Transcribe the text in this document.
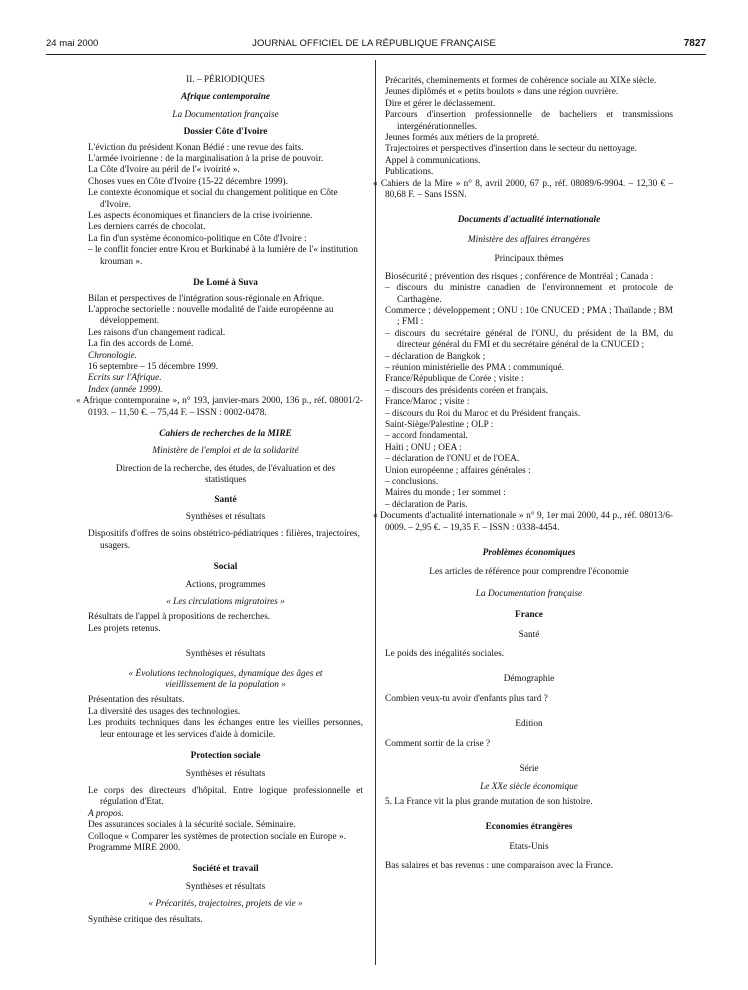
24 mai 2000	JOURNAL OFFICIEL DE LA RÉPUBLIQUE FRANÇAISE	7827

II. – PÉRIODIQUES

Afrique contemporaine

La Documentation française

Dossier Côte d'Ivoire

L'éviction du président Konan Bédié : une revue des faits.

L'armée ivoirienne : de la marginalisation à la prise de pouvoir.

La Côte d'Ivoire au péril de l'« ivoirité ».

Choses vues en Côte d'Ivoire (15-22 décembre 1999).

Le contexte économique et social du changement politique en Côte d'Ivoire.

Les aspects économiques et financiers de la crise ivoirienne.

Les derniers carrés de chocolat.

La fin d'un système économico-politique en Côte d'Ivoire :

– le conflit foncier entre Krou et Burkinabé à la lumière de l'« institution krouman ».

De Lomé à Suva

Bilan et perspectives de l'intégration sous-régionale en Afrique.

L'approche sectorielle : nouvelle modalité de l'aide européenne au développement.

Les raisons d'un changement radical.

La fin des accords de Lomé.

Chronologie.

16 septembre – 15 décembre 1999.

Ecrits sur l'Afrique.

Index (année 1999).

« Afrique contemporaine », n° 193, janvier-mars 2000, 136 p., réf. 08001/2-0193. – 11,50 €. – 75,44 F. – ISSN : 0002-0478.

Cahiers de recherches de la MIRE

Ministère de l'emploi et de la solidarité

Direction de la recherche, des études, de l'évaluation et des statistiques

Santé

Synthèses et résultats

Dispositifs d'offres de soins obstétrico-pédiatriques : filières, trajectoires, usagers.

Social

Actions, programmes

« Les circulations migratoires »

Résultats de l'appel à propositions de recherches.

Les projets retenus.

Synthèses et résultats

« Évolutions technologiques, dynamique des âges et vieillissement de la population »

Présentation des résultats.

La diversité des usages des technologies.

Les produits techniques dans les échanges entre les vieilles personnes, leur entourage et les services d'aide à domicile.

Protection sociale

Synthèses et résultats

Le corps des directeurs d'hôpital. Entre logique professionnelle et régulation d'Etat.

A propos.

Des assurances sociales à la sécurité sociale. Séminaire.

Colloque « Comparer les systèmes de protection sociale en Europe ».

Programme MIRE 2000.

Société et travail

Synthèses et résultats

« Précarités, trajectoires, projets de vie »

Synthèse critique des résultats.

Précarités, cheminements et formes de cohérence sociale au XIXe siècle.

Jeunes diplômés et « petits boulots » dans une région ouvrière.

Dire et gérer le déclassement.

Parcours d'insertion professionnelle de bacheliers et transmissions intergénérationnelles.

Jeunes formés aux métiers de la propreté.

Trajectoires et perspectives d'insertion dans le secteur du nettoyage.

Appel à communications.

Publications.

« Cahiers de la Mire » n° 8, avril 2000, 67 p., réf. 08089/6-9904. – 12,30 € – 80,68 F. – Sans ISSN.

Documents d'actualité internationale

Ministère des affaires étrangères

Principaux thèmes

Biosécurité ; prévention des risques ; conférence de Montréal ; Canada :

– discours du ministre canadien de l'environnement et protocole de Carthagène.

Commerce ; développement ; ONU : 10e CNUCED ; PMA ; Thaïlande ; BM ; FMI :

– discours du secrétaire général de l'ONU, du président de la BM, du directeur général du FMI et du secrétaire général de la CNUCED ;

– déclaration de Bangkok ;

– réunion ministérielle des PMA : communiqué.

France/République de Corée ; visite :

– discours des présidents coréen et français.

France/Maroc ; visite :

– discours du Roi du Maroc et du Président français.

Saint-Siège/Palestine ; OLP :

– accord fondamental.

Haïti ; ONU ; OEA :

– déclaration de l'ONU et de l'OEA.

Union européenne ; affaires générales :

– conclusions.

Maires du monde ; 1er sommet :

– déclaration de Paris.

« Documents d'actualité internationale » n° 9, 1er mai 2000, 44 p., réf. 08013/6-0009. – 2,95 €. – 19,35 F. – ISSN : 0338-4454.

Problèmes économiques

Les articles de référence pour comprendre l'économie

La Documentation française

France

Santé

Le poids des inégalités sociales.

Démographie

Combien veux-tu avoir d'enfants plus tard ?

Edition

Comment sortir de la crise ?

Série

Le XXe siècle économique

5. La France vit la plus grande mutation de son histoire.

Economies étrangères

Etats-Unis

Bas salaires et bas revenus : une comparaison avec la France.
